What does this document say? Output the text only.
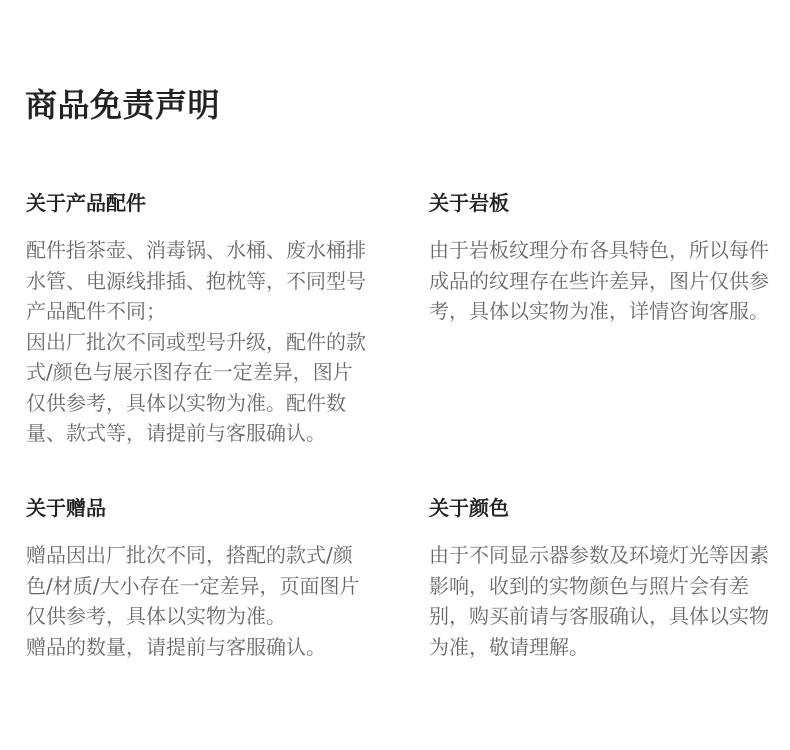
商品免责声明
关于产品配件

配件指茶壶、消毒锅、水桶、废水桶排水管、电源线排插、抱枕等，不同型号产品配件不同；

因出厂批次不同或型号升级，配件的款式/颜色与展示图存在一定差异，图片仅供参考，具体以实物为准。配件数量、款式等，请提前与客服确认。

关于岩板

由于岩板纹理分布各具特色，所以每件成品的纹理存在些许差异，图片仅供参考，具体以实物为准，详情咨询客服。

关于赠品

赠品因出厂批次不同，搭配的款式/颜色/材质/大小存在一定差异，页面图片仅供参考，具体以实物为准。

赠品的数量，请提前与客服确认。

关于颜色

由于不同显示器参数及环境灯光等因素影响，收到的实物颜色与照片会有差别，购买前请与客服确认，具体以实物为准，敬请理解。
